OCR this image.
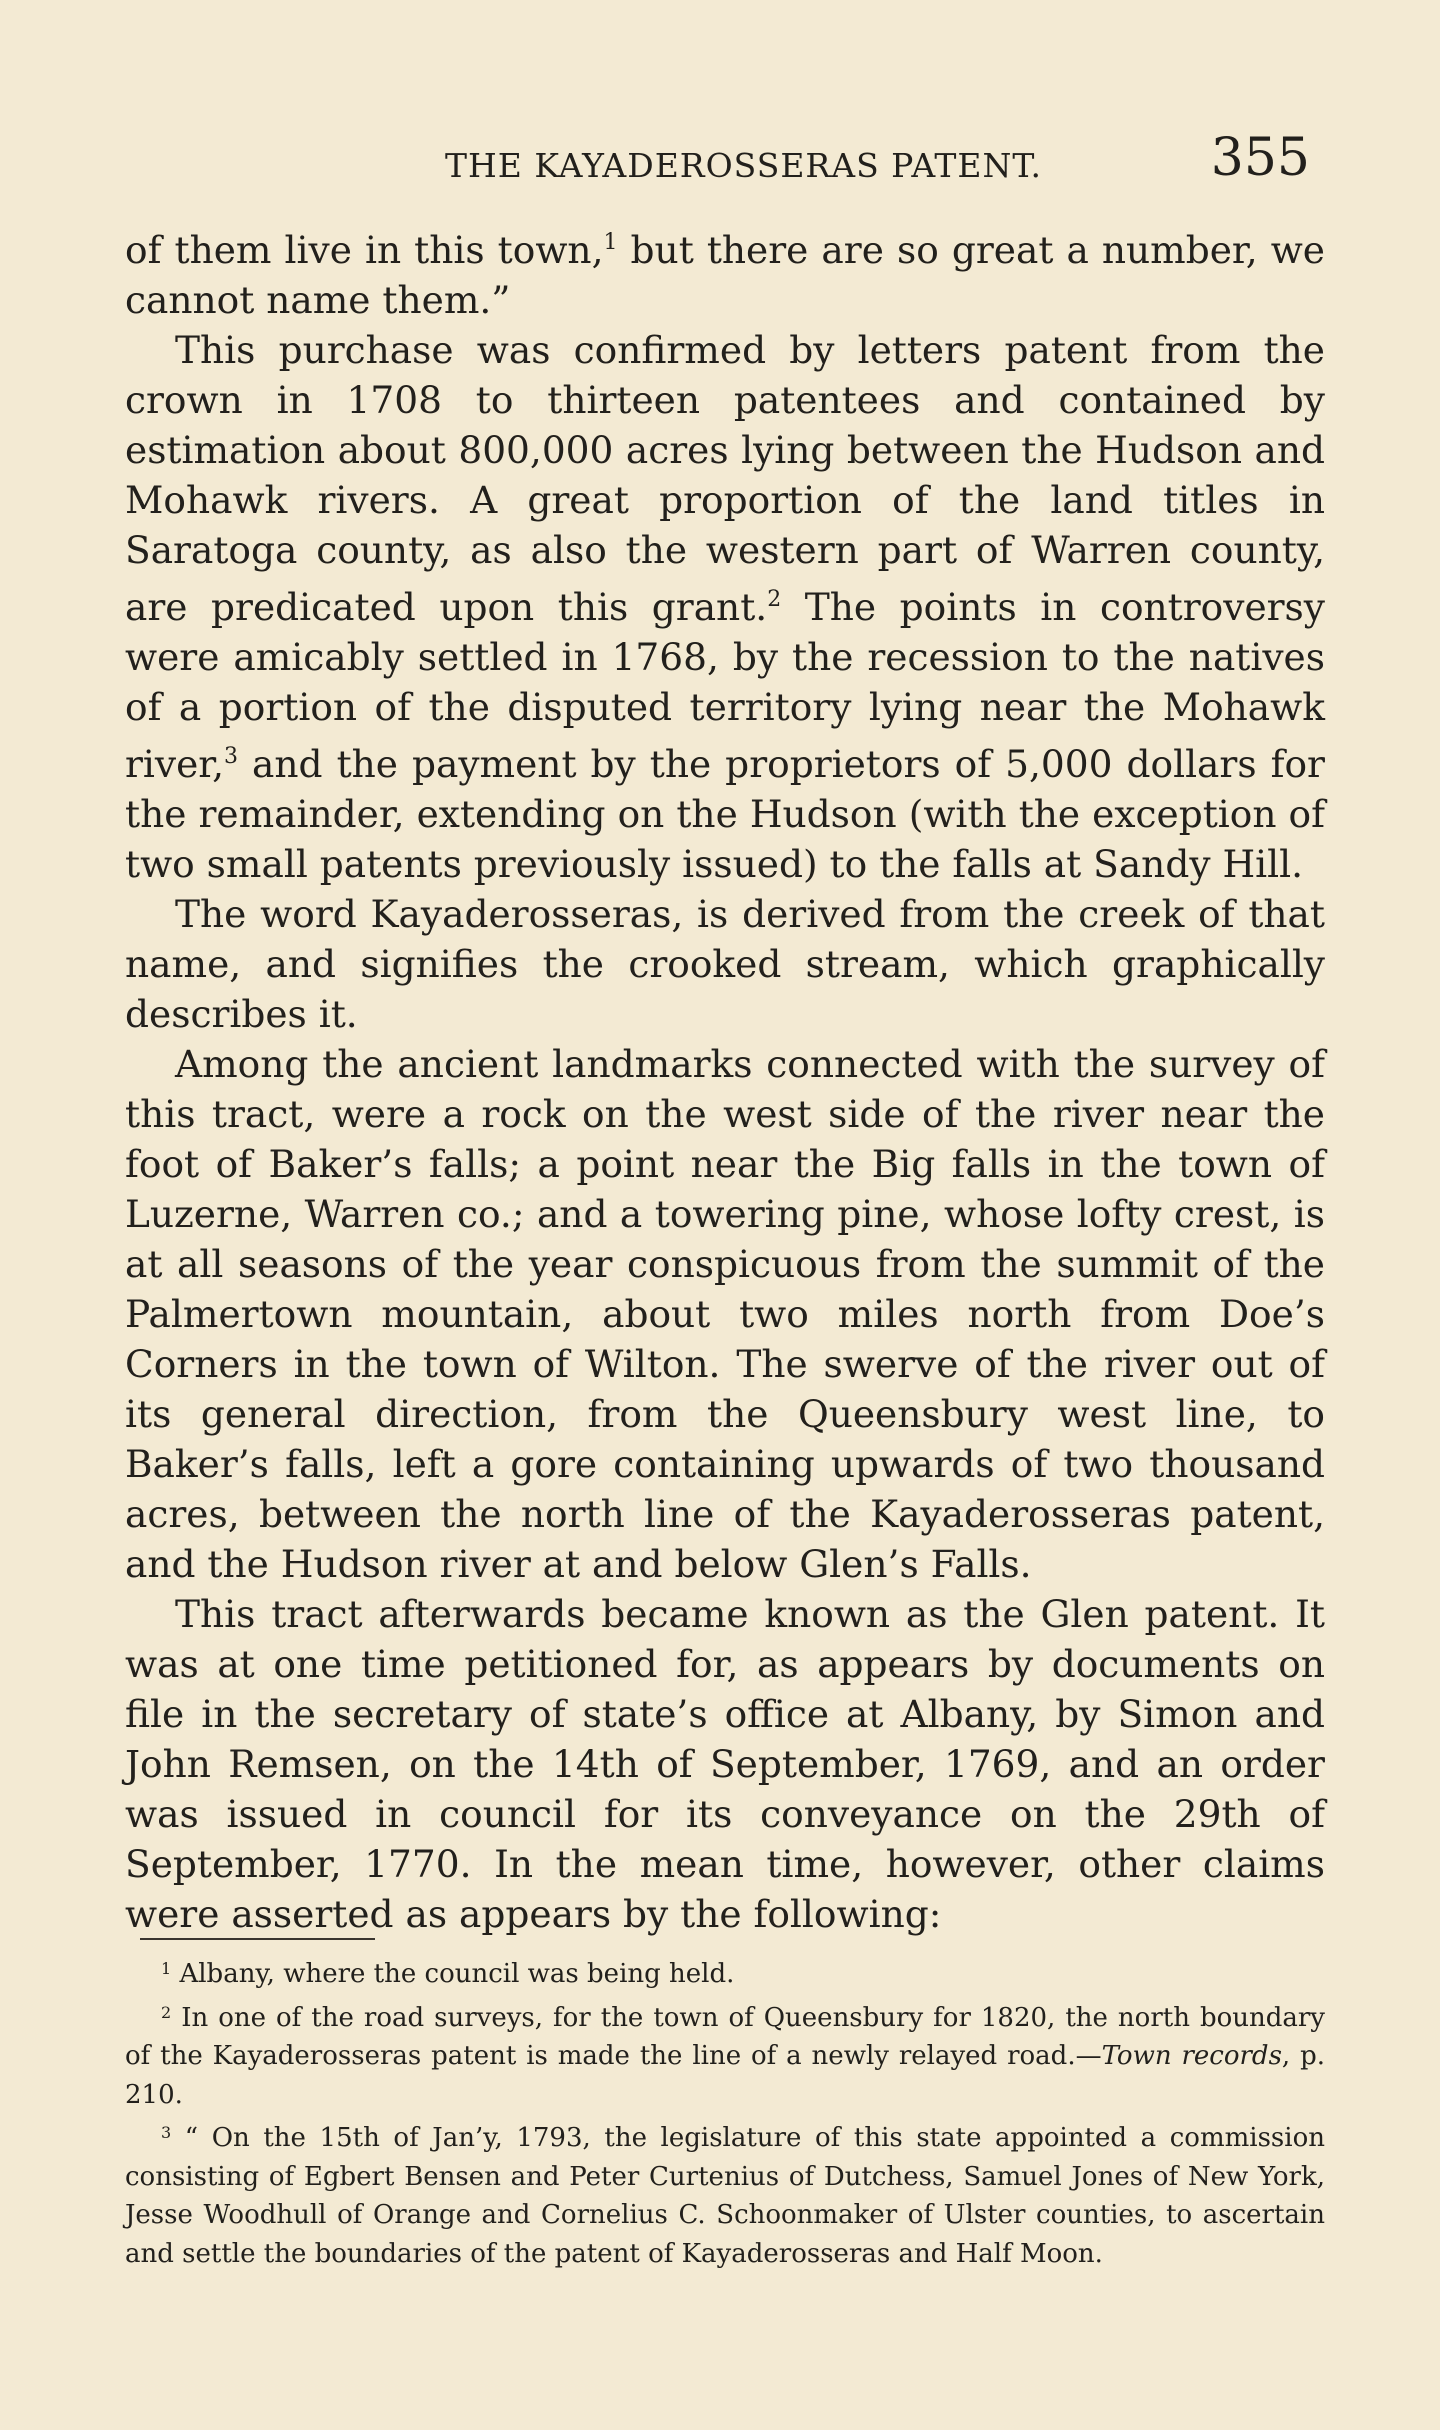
THE KAYADEROSSERAS PATENT.	355

of them live in this town,$^1$ but there are so great a number, we cannot name them.”

This purchase was confirmed by letters patent from the crown in 1708 to thirteen patentees and contained by estimation about 800,000 acres lying between the Hudson and Mohawk rivers. A great proportion of the land titles in Saratoga county, as also the western part of Warren county, are predicated upon this grant.$^2$ The points in controversy were amicably settled in 1768, by the recession to the natives of a portion of the disputed territory lying near the Mohawk river,$^3$ and the payment by the proprietors of 5,000 dollars for the remainder, extending on the Hudson (with the exception of two small patents previously issued) to the falls at Sandy Hill.

The word Kayaderosseras, is derived from the creek of that name, and signifies the crooked stream, which graphically describes it.

Among the ancient landmarks connected with the survey of this tract, were a rock on the west side of the river near the foot of Baker’s falls; a point near the Big falls in the town of Luzerne, Warren co.; and a towering pine, whose lofty crest, is at all seasons of the year conspicuous from the summit of the Palmertown mountain, about two miles north from Doe’s Corners in the town of Wilton. The swerve of the river out of its general direction, from the Queensbury west line, to Baker’s falls, left a gore containing upwards of two thousand acres, between the north line of the Kayaderosseras patent, and the Hudson river at and below Glen’s Falls.

This tract afterwards became known as the Glen patent. It was at one time petitioned for, as appears by documents on file in the secretary of state’s office at Albany, by Simon and John Remsen, on the 14th of September, 1769, and an order was issued in council for its conveyance on the 29th of September, 1770. In the mean time, however, other claims were asserted as appears by the following:

$^1$ Albany, where the council was being held.

$^2$ In one of the road surveys, for the town of Queensbury for 1820, the north boundary of the Kayaderosseras patent is made the line of a newly relayed road.—Town records, p. 210.

$^3$ “ On the 15th of Jan’y, 1793, the legislature of this state appointed a commission consisting of Egbert Bensen and Peter Curtenius of Dutchess, Samuel Jones of New York, Jesse Woodhull of Orange and Cornelius C. Schoonmaker of Ulster counties, to ascertain and settle the boundaries of the patent of Kayaderosseras and Half Moon.
